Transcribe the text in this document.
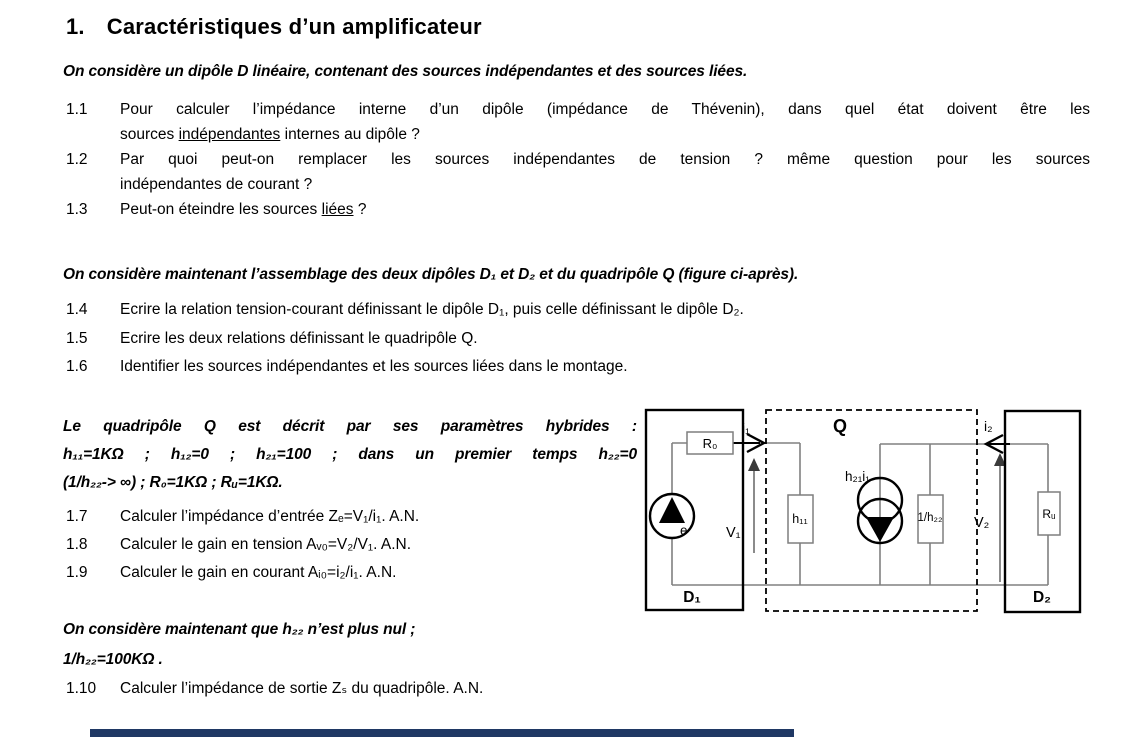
1. Caractéristiques d’un amplificateur
On considère un dipôle D linéaire, contenant des sources indépendantes et des sources liées.
1.1 Pour calculer l’impédance interne d’un dipôle (impédance de Thévenin), dans quel état doivent être les
sources indépendantes internes au dipôle ?
1.2 Par quoi peut-on remplacer les sources indépendantes de tension ? même question pour les sources
indépendantes de courant ?
1.3 Peut-on éteindre les sources liées ?
On considère maintenant l’assemblage des deux dipôles D₁ et D₂ et du quadripôle Q (figure ci-après).
1.4 Ecrire la relation tension-courant définissant le dipôle D₁, puis celle définissant le dipôle D₂.
1.5 Ecrire les deux relations définissant le quadripôle Q.
1.6 Identifier les sources indépendantes et les sources liées dans le montage.
Le quadripôle Q est décrit par ses paramètres hybrides :
h₁₁=1KΩ ; h₁₂=0 ; h₂₁=100 ; dans un premier temps h₂₂=0
(1/h₂₂-> ∞) ; R₀=1KΩ ; Rᵤ=1KΩ.
1.7 Calculer l’impédance d’entrée Zₑ=V₁/i₁. A.N.
1.8 Calculer le gain en tension Aᵥ₀=V₂/V₁. A.N.
1.9 Calculer le gain en courant Aᵢ₀=i₂/i₁. A.N.
On considère maintenant que h₂₂ n’est plus nul ;
1/h₂₂=100KΩ .
1.10 Calculer l’impédance de sortie Zₛ du quadripôle. A.N.
R₀
i₁	Q	i₂
h₂₁i₁
h₁₁	1/h₂₂
V₁
V₂
Rᵤ
e
D₁	D₂
